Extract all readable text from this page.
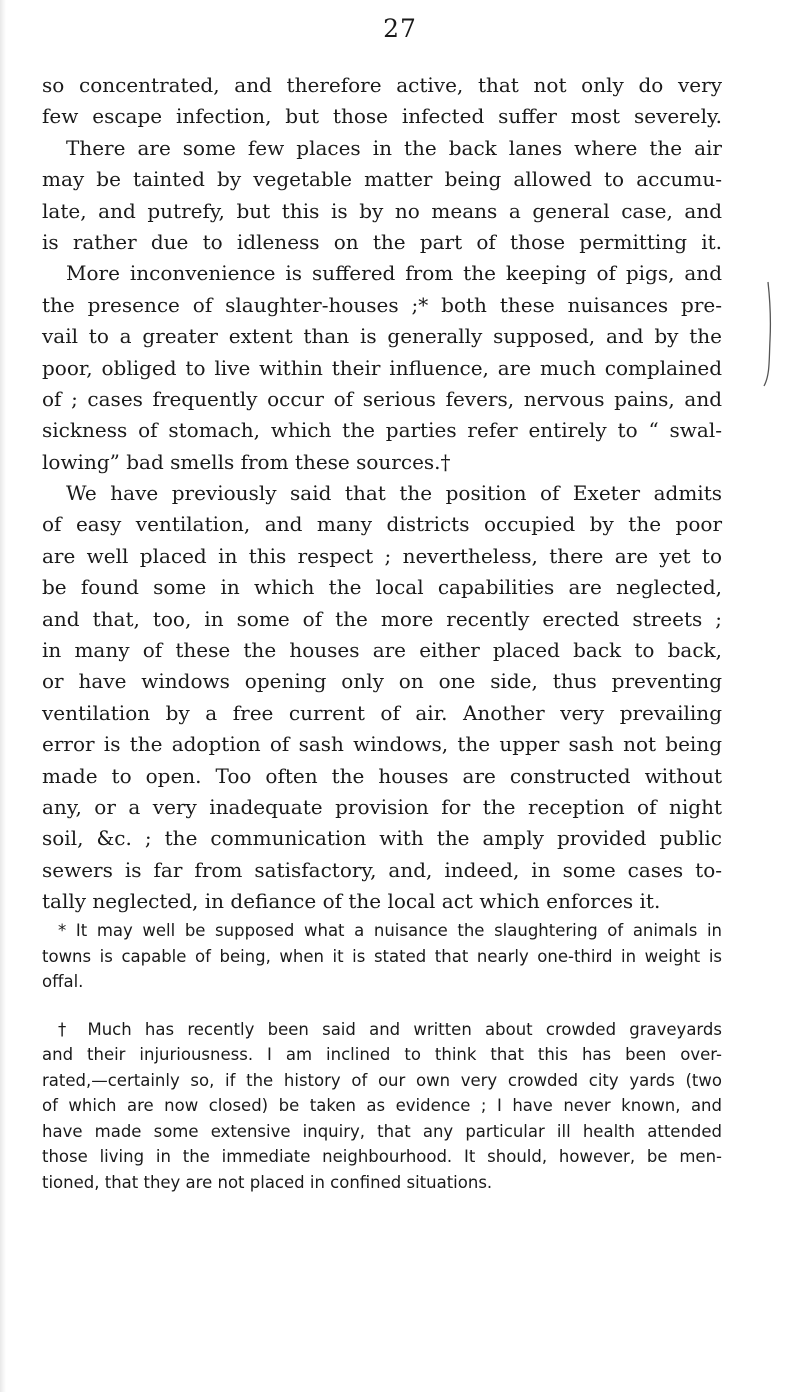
27
so concentrated, and therefore active, that not only do very
few escape infection, but those infected suffer most severely.
There are some few places in the back lanes where the air
may be tainted by vegetable matter being allowed to accumu-
late, and putrefy, but this is by no means a general case, and
is rather due to idleness on the part of those permitting it.
More inconvenience is suffered from the keeping of pigs, and
the presence of slaughter-houses ;* both these nuisances pre-
vail to a greater extent than is generally supposed, and by the
poor, obliged to live within their influence, are much complained
of ; cases frequently occur of serious fevers, nervous pains, and
sickness of stomach, which the parties refer entirely to “ swal-
lowing” bad smells from these sources.†
We have previously said that the position of Exeter admits
of easy ventilation, and many districts occupied by the poor
are well placed in this respect ; nevertheless, there are yet to
be found some in which the local capabilities are neglected,
and that, too, in some of the more recently erected streets ;
in many of these the houses are either placed back to back,
or have windows opening only on one side, thus preventing
ventilation by a free current of air. Another very prevailing
error is the adoption of sash windows, the upper sash not being
made to open. Too often the houses are constructed without
any, or a very inadequate provision for the reception of night
soil, &c. ; the communication with the amply provided public
sewers is far from satisfactory, and, indeed, in some cases to-
tally neglected, in defiance of the local act which enforces it.
* It may well be supposed what a nuisance the slaughtering of animals in
towns is capable of being, when it is stated that nearly one-third in weight is
offal.
† Much has recently been said and written about crowded graveyards
and their injuriousness. I am inclined to think that this has been over-
rated,—certainly so, if the history of our own very crowded city yards (two
of which are now closed) be taken as evidence ; I have never known, and
have made some extensive inquiry, that any particular ill health attended
those living in the immediate neighbourhood. It should, however, be men-
tioned, that they are not placed in confined situations.
